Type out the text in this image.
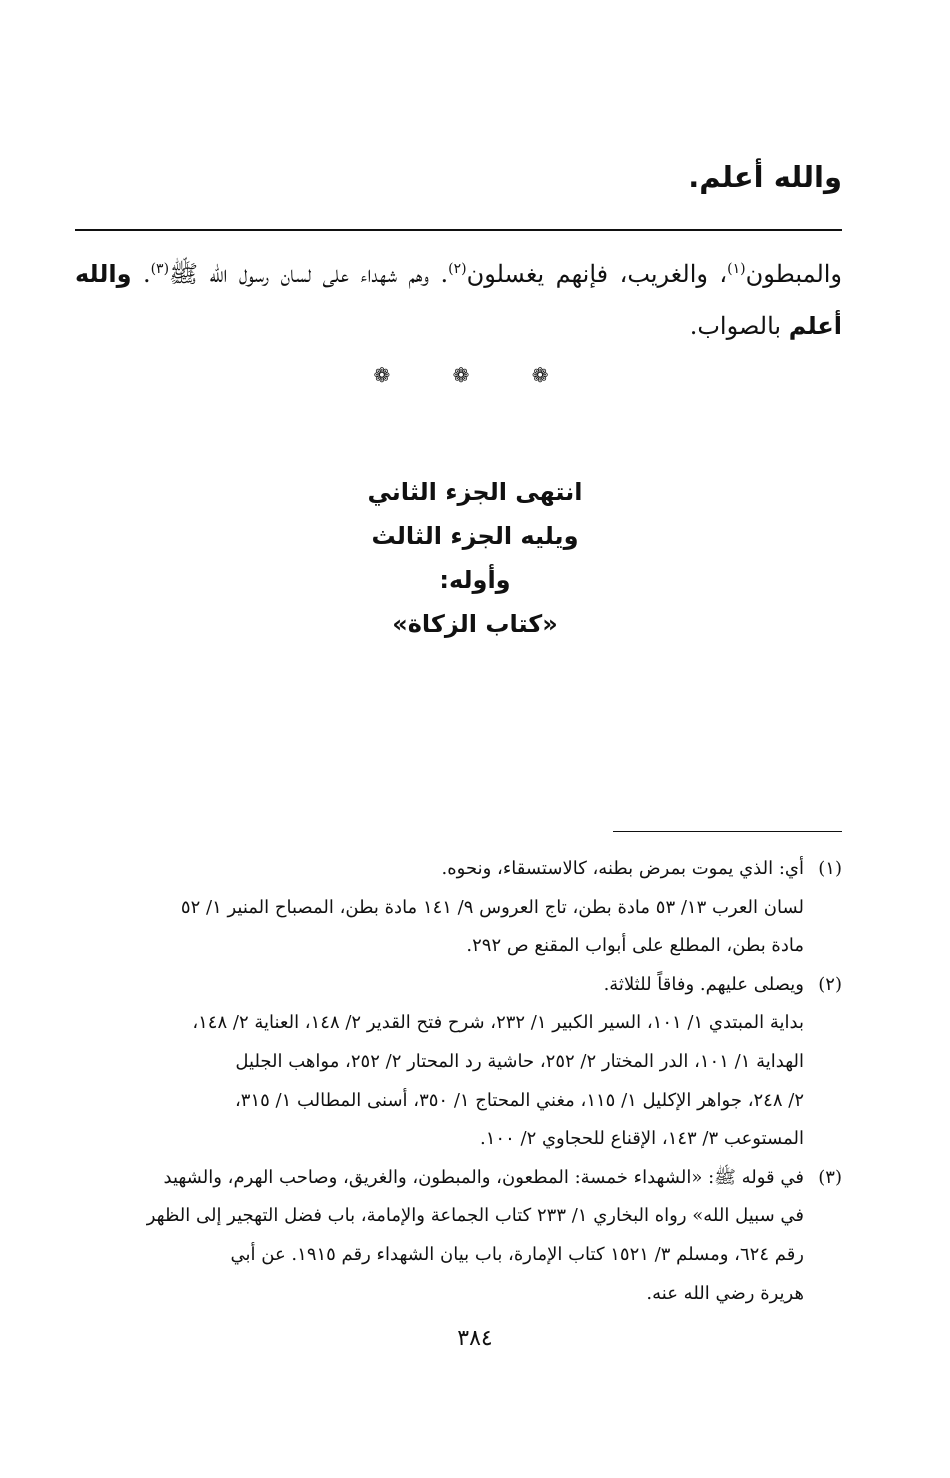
والله أعلم.
والمبطون$^{(١)}$، والغريب، فإنهم يغسلون$^{(٢)}$. وهم شهداء على لسان رسول الله ﷺ$^{(٣)}$. والله أعلم بالصواب.
❁ ❁ ❁
انتهى الجزء الثاني
ويليه الجزء الثالث
وأوله:
«كتاب الزكاة»
(١)
أي: الذي يموت بمرض بطنه، كالاستسقاء، ونحوه.
لسان العرب ١٣/ ٥٣ مادة بطن، تاج العروس ٩/ ١٤١ مادة بطن، المصباح المنير ١/ ٥٢
مادة بطن، المطلع على أبواب المقنع ص ٢٩٢.
(٢)
ويصلى عليهم. وفاقاً للثلاثة.
بداية المبتدي ١/ ١٠١، السير الكبير ١/ ٢٣٢، شرح فتح القدير ٢/ ١٤٨، العناية ٢/ ١٤٨،
الهداية ١/ ١٠١، الدر المختار ٢/ ٢٥٢، حاشية رد المحتار ٢/ ٢٥٢، مواهب الجليل
٢/ ٢٤٨، جواهر الإكليل ١/ ١١٥، مغني المحتاج ١/ ٣٥٠، أسنى المطالب ١/ ٣١٥،
المستوعب ٣/ ١٤٣، الإقناع للحجاوي ٢/ ١٠٠.
(٣)
في قوله ﷺ: «الشهداء خمسة: المطعون، والمبطون، والغريق، وصاحب الهرم، والشهيد
في سبيل الله» رواه البخاري ١/ ٢٣٣ كتاب الجماعة والإمامة، باب فضل التهجير إلى الظهر
رقم ٦٢٤، ومسلم ٣/ ١٥٢١ كتاب الإمارة، باب بيان الشهداء رقم ١٩١٥. عن أبي
هريرة رضي الله عنه.
٣٨٤
